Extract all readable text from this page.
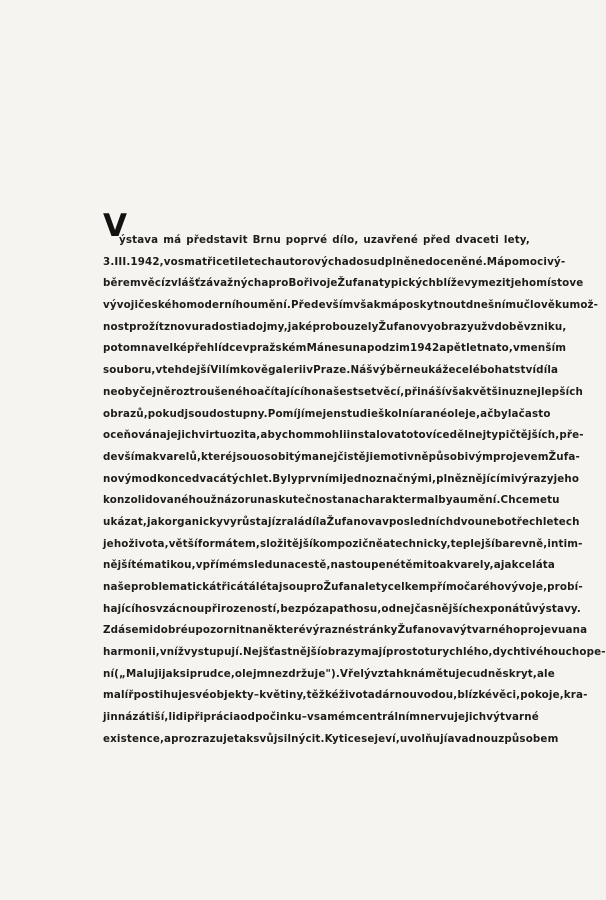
V
ýstava má představit Brnu poprvé dílo, uzavřené před dvaceti lety,
3. III. 1942, v osmatřiceti letech autorových a dosud plně nedoceněné. Má pomoci vý-
běrem věcí zvlášť závažných a pro Bořivoje Žufana typických blíže vymezit jeho místo ve
vývoji českého moderního umění. Především však má poskytnout dnešnímu člověku mož-
nost prožít znovu radosti a dojmy, jaké probouzely Žufanovy obrazy už v době vzniku,
potom na velké přehlídce v pražském Mánesu na podzim 1942 a pět let nato, v menším
souboru, v tehdejší Vilímkově galerii v Praze. Náš výběr neukáže celé bohatství díla
neobyčejně roztroušeného a čítajícího na šest set věcí, přináší však většinu z nejlepších
obrazů, pokud jsou dostupny. Pomíjíme jen studie školní a rané oleje, ač byla často
oceňována jejich virtuozita, abychom mohli instalovat o to více děl nejtypičtějších, pře-
devším akvarelů, které jsou osobitým a nejčistěji emotivně působivým projevem Žufa-
novým od konce dvacátých let. Byly prvními jednoznačnými, plně znějícími výrazy jeho
konzolidovaného už názoru na skutečnost a na charakter malby a umění. Chceme tu
ukázat, jak organicky vyrůstají zralá díla Žufanova v posledních dvou nebo třech letech
jeho života, větší formátem, složitější kompozičně a technicky, teplejší barevně, intim-
nější tématikou, v přímém sledu na cestě, nastoupené těmito akvarely, a jak celá ta
naše problematická třicátá léta jsou pro Žufana lety celkem přímočarého vývoje, probí-
hajícího s vzácnou přirozeností, bez póz a pathosu, od nejčasnějších exponátů výstavy.
Zdá se mi dobré upozornit na některé výrazné stránky Žufanova výtvarného projevu a na
harmonii, v níž vystupují. Nejšťastnější obrazy mají prostotu rychlého, dychtivého uchope-
ní („Maluji jaksi prudce, olej mne zdržuje"). Vřelý vztah k námětu je cudně skryt, ale
malíř postihuje své objekty – květiny, těžké životadárnou vodou, blízké věci, pokoje, kra-
jinná zátiší, lidi při práci a odpočinku – v samém centrálním nervu jejich výtvarné
existence, a prozrazuje tak svůj silný cit. Kytice se jeví, uvolňují a vadnou způsobem
